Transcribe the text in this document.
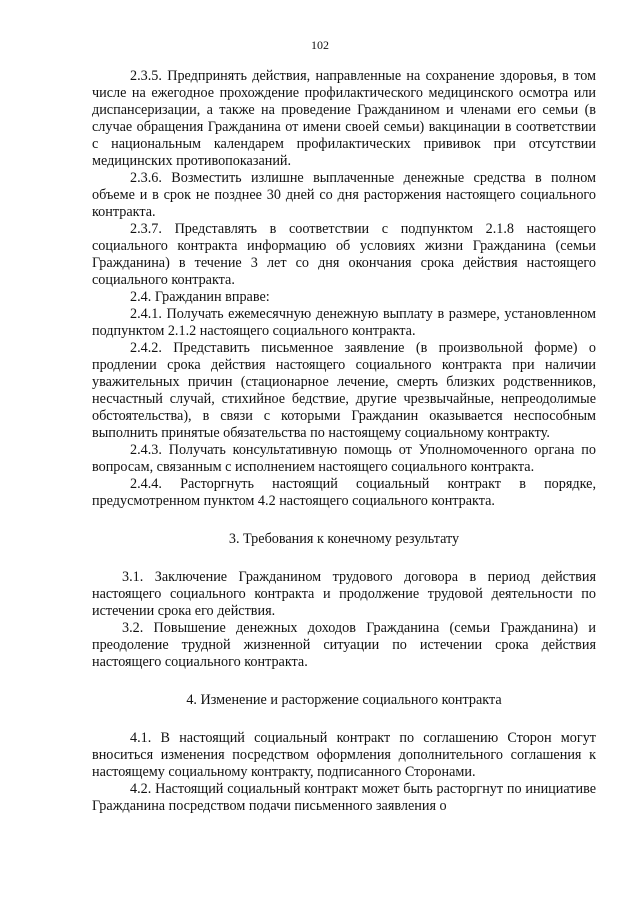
102

2.3.5. Предпринять действия, направленные на сохранение здоровья, в том числе на ежегодное прохождение профилактического медицинского осмотра или диспансеризации, а также на проведение Гражданином и членами его семьи (в случае обращения Гражданина от имени своей семьи) вакцинации в соответствии с национальным календарем профилактических прививок при отсутствии медицинских противопоказаний.

2.3.6. Возместить излишне выплаченные денежные средства в полном объеме и в срок не позднее 30 дней со дня расторжения настоящего социального контракта.

2.3.7. Представлять в соответствии с подпунктом 2.1.8 настоящего социального контракта информацию об условиях жизни Гражданина (семьи Гражданина) в течение 3 лет со дня окончания срока действия настоящего социального контракта.

2.4. Гражданин вправе:

2.4.1. Получать ежемесячную денежную выплату в размере, установленном подпунктом 2.1.2 настоящего социального контракта.

2.4.2. Представить письменное заявление (в произвольной форме) о продлении срока действия настоящего социального контракта при наличии уважительных причин (стационарное лечение, смерть близких родственников, несчастный случай, стихийное бедствие, другие чрезвычайные, непреодолимые обстоятельства), в связи с которыми Гражданин оказывается неспособным выполнить принятые обязательства по настоящему социальному контракту.

2.4.3. Получать консультативную помощь от Уполномоченного органа по вопросам, связанным с исполнением настоящего социального контракта.

2.4.4. Расторгнуть настоящий социальный контракт в порядке, предусмотренном пунктом 4.2 настоящего социального контракта.

3. Требования к конечному результату

3.1. Заключение Гражданином трудового договора в период действия настоящего социального контракта и продолжение трудовой деятельности по истечении срока его действия.

3.2. Повышение денежных доходов Гражданина (семьи Гражданина) и преодоление трудной жизненной ситуации по истечении срока действия настоящего социального контракта.

4. Изменение и расторжение социального контракта

4.1. В настоящий социальный контракт по соглашению Сторон могут вноситься изменения посредством оформления дополнительного соглашения к настоящему социальному контракту, подписанного Сторонами.

4.2. Настоящий социальный контракт может быть расторгнут по инициативе Гражданина посредством подачи письменного заявления о
